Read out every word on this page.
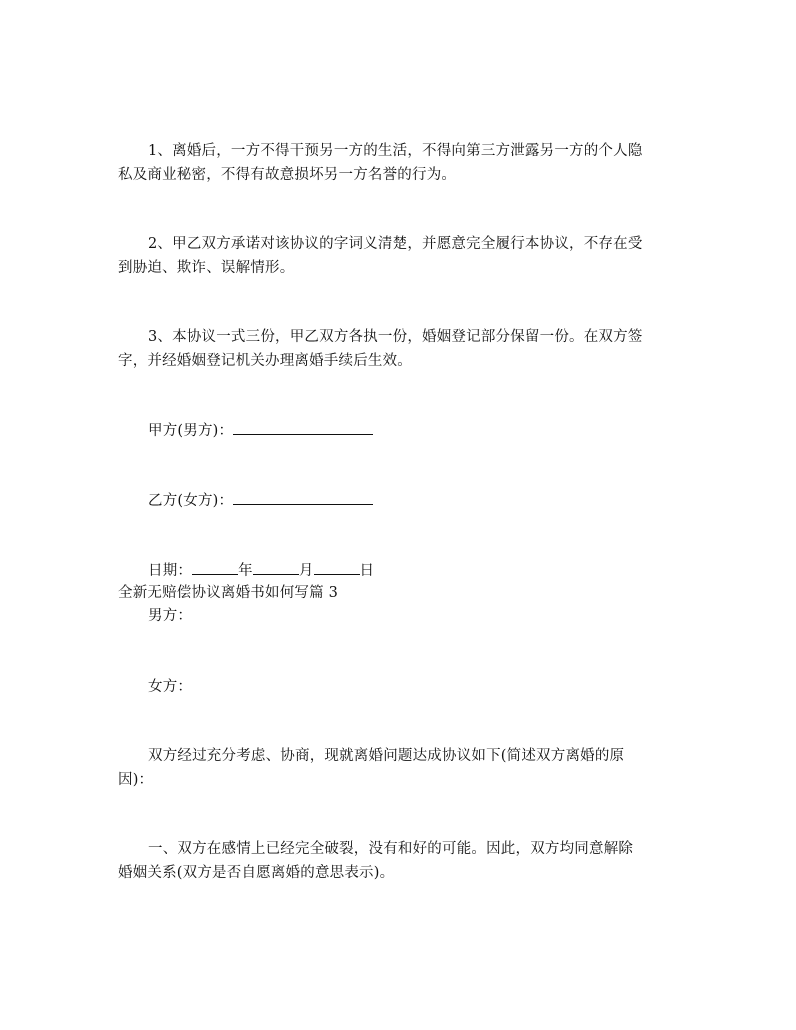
1、离婚后，一方不得干预另一方的生活，不得向第三方泄露另一方的个人隐
私及商业秘密，不得有故意损坏另一方名誉的行为。
2、甲乙双方承诺对该协议的字词义清楚，并愿意完全履行本协议，不存在受
到胁迫、欺诈、误解情形。
3、本协议一式三份，甲乙双方各执一份，婚姻登记部分保留一份。在双方签
字，并经婚姻登记机关办理离婚手续后生效。
甲方(男方)：
乙方(女方)：
日期：	年	月	日
全新无赔偿协议离婚书如何写篇 3
男方：
女方：
双方经过充分考虑、协商，现就离婚问题达成协议如下(简述双方离婚的原
因)：
一、双方在感情上已经完全破裂，没有和好的可能。因此，双方均同意解除
婚姻关系(双方是否自愿离婚的意思表示)。
